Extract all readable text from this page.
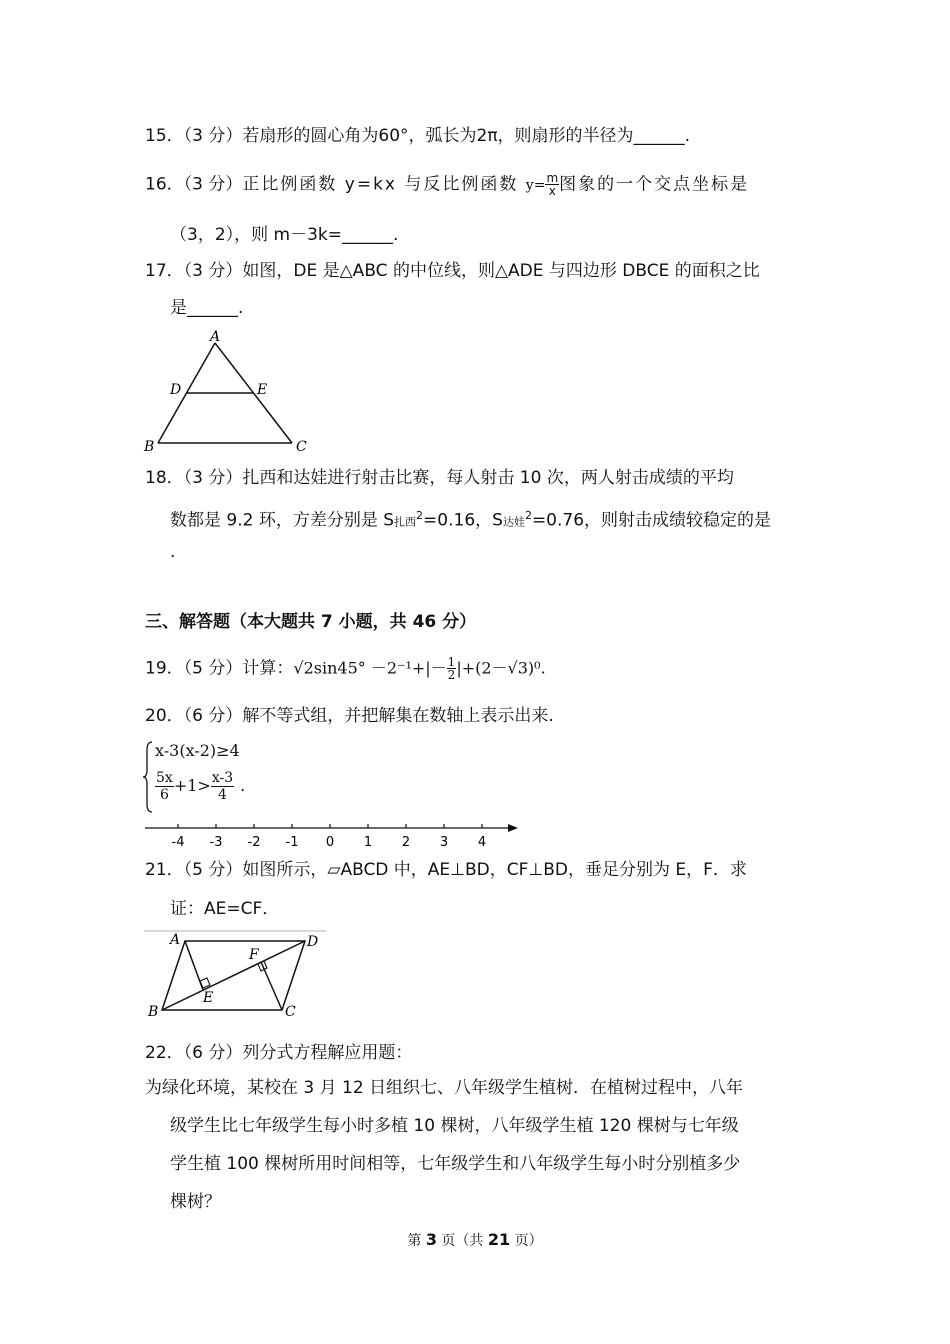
15．（3 分）若扇形的圆心角为60°，弧长为2π，则扇形的半径为______.
16．（3 分）正比例函数 y=kx 与反比例函数 $y= \frac{m}{x}$ 图象的一个交点坐标是
（3，2），则 m－3k=______.
17．（3 分）如图，DE 是△ABC 的中位线，则△ADE 与四边形 DBCE 的面积之比
是______.
A
D	E
B	C
18．（3 分）扎西和达娃进行射击比赛，每人射击 10 次，两人射击成绩的平均
数都是 9.2 环，方差分别是 S扎西$^2$=0.16，S达娃$^2$=0.76，则射击成绩较稳定的是
.
三、解答题（本大题共 7 小题，共 46 分）
19．（5 分）计算：$√2\sin 45^\circ -2^{-1}+|- \frac{1}{2} |+(2-√3)^0$.
20．（6 分）解不等式组，并把解集在数轴上表示出来.
x-3(x-2)≥4
$\frac{5x}{6} +1> \frac{x-3}{4}$ .
-4 -3 -2 -1 0 1 2 3 4
21．（5 分）如图所示，▱ABCD 中，AE⊥BD，CF⊥BD，垂足分别为 E，F．求
证：AE=CF．
A	D
F
E
B	C
22．（6 分）列分式方程解应用题：
为绿化环境，某校在 3 月 12 日组织七、八年级学生植树．在植树过程中，八年
级学生比七年级学生每小时多植 10 棵树，八年级学生植 120 棵树与七年级
学生植 100 棵树所用时间相等，七年级学生和八年级学生每小时分别植多少
棵树？
第 3 页（共 21 页）
